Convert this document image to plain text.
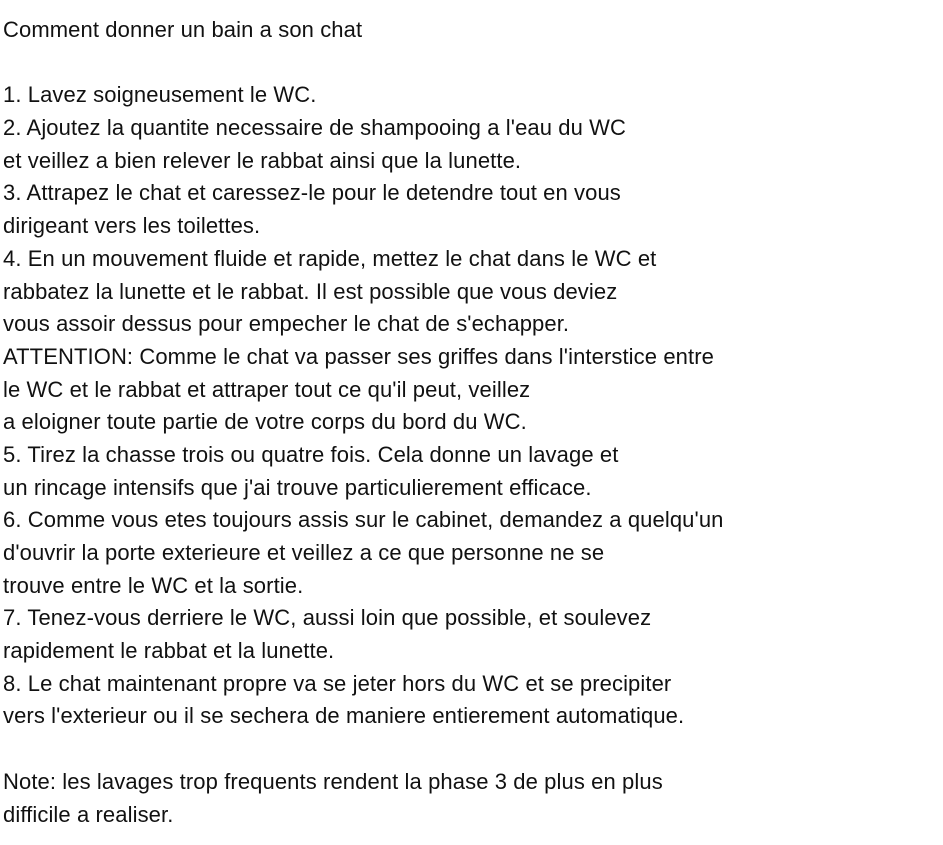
Comment donner un bain a son chat
1. Lavez soigneusement le WC.
2. Ajoutez la quantite necessaire de shampooing a l'eau du WC
et veillez a bien relever le rabbat ainsi que la lunette.
3. Attrapez le chat et caressez-le pour le detendre tout en vous
dirigeant vers les toilettes.
4. En un mouvement fluide et rapide, mettez le chat dans le WC et
rabbatez la lunette et le rabbat. Il est possible que vous deviez
vous assoir dessus pour empecher le chat de s'echapper.
ATTENTION: Comme le chat va passer ses griffes dans l'interstice entre
le WC et le rabbat et attraper tout ce qu'il peut, veillez
a eloigner toute partie de votre corps du bord du WC.
5. Tirez la chasse trois ou quatre fois. Cela donne un lavage et
un rincage intensifs que j'ai trouve particulierement efficace.
6. Comme vous etes toujours assis sur le cabinet, demandez a quelqu'un
d'ouvrir la porte exterieure et veillez a ce que personne ne se
trouve entre le WC et la sortie.
7. Tenez-vous derriere le WC, aussi loin que possible, et soulevez
rapidement le rabbat et la lunette.
8. Le chat maintenant propre va se jeter hors du WC et se precipiter
vers l'exterieur ou il se sechera de maniere entierement automatique.
Note: les lavages trop frequents rendent la phase 3 de plus en plus
difficile a realiser.
